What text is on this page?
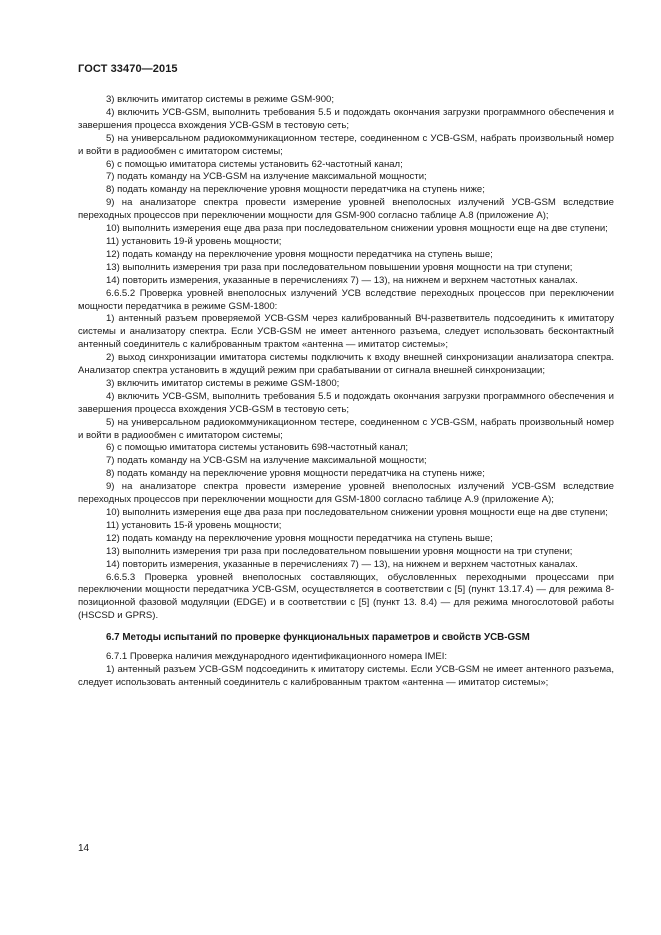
ГОСТ 33470—2015

3) включить имитатор системы в режиме GSM-900;

4) включить УСВ-GSM, выполнить требования 5.5 и подождать окончания загрузки программного обеспечения и завершения процесса вхождения УСВ-GSM в тестовую сеть;

5) на универсальном радиокоммуникационном тестере, соединенном с УСВ-GSM, набрать произвольный номер и войти в радиообмен с имитатором системы;

6) с помощью имитатора системы установить 62-частотный канал;

7) подать команду на УСВ-GSM на излучение максимальной мощности;

8) подать команду на переключение уровня мощности передатчика на ступень ниже;

9) на анализаторе спектра провести измерение уровней внеполосных излучений УСВ-GSM вследствие переходных процессов при переключении мощности для GSM-900 согласно таблице А.8 (приложение А);

10) выполнить измерения еще два раза при последовательном снижении уровня мощности еще на две ступени;

11) установить 19-й уровень мощности;

12) подать команду на переключение уровня мощности передатчика на ступень выше;

13) выполнить измерения три раза при последовательном повышении уровня мощности на три ступени;

14) повторить измерения, указанные в перечислениях 7) — 13), на нижнем и верхнем частотных каналах.

6.6.5.2 Проверка уровней внеполосных излучений УСВ вследствие переходных процессов при переключении мощности передатчика в режиме GSM-1800:

1) антенный разъем проверяемой УСВ-GSM через калиброванный ВЧ-разветвитель подсоединить к имитатору системы и анализатору спектра. Если УСВ-GSM не имеет антенного разъема, следует использовать бесконтактный антенный соединитель с калиброванным трактом «антенна — имитатор системы»;

2) выход синхронизации имитатора системы подключить к входу внешней синхронизации анализатора спектра. Анализатор спектра установить в ждущий режим при срабатывании от сигнала внешней синхронизации;

3) включить имитатор системы в режиме GSM-1800;

4) включить УСВ-GSM, выполнить требования 5.5 и подождать окончания загрузки программного обеспечения и завершения процесса вхождения УСВ-GSM в тестовую сеть;

5) на универсальном радиокоммуникационном тестере, соединенном с УСВ-GSM, набрать произвольный номер и войти в радиообмен с имитатором системы;

6) с помощью имитатора системы установить 698-частотный канал;

7) подать команду на УСВ-GSM на излучение максимальной мощности;

8) подать команду на переключение уровня мощности передатчика на ступень ниже;

9) на анализаторе спектра провести измерение уровней внеполосных излучений УСВ-GSM вследствие переходных процессов при переключении мощности для GSM-1800 согласно таблице А.9 (приложение А);

10) выполнить измерения еще два раза при последовательном снижении уровня мощности еще на две ступени;

11) установить 15-й уровень мощности;

12) подать команду на переключение уровня мощности передатчика на ступень выше;

13) выполнить измерения три раза при последовательном повышении уровня мощности на три ступени;

14) повторить измерения, указанные в перечислениях 7) — 13), на нижнем и верхнем частотных каналах.

6.6.5.3 Проверка уровней внеполосных составляющих, обусловленных переходными процессами при переключении мощности передатчика УСВ-GSM, осуществляется в соответствии с [5] (пункт 13.17.4) — для режима 8-позиционной фазовой модуляции (EDGE) и в соответствии с [5] (пункт 13. 8.4) — для режима многослотовой работы (HSCSD и GPRS).

6.7 Методы испытаний по проверке функциональных параметров и свойств УСВ-GSM

6.7.1 Проверка наличия международного идентификационного номера IMEI:

1) антенный разъем УСВ-GSM подсоединить к имитатору системы. Если УСВ-GSM не имеет антенного разъема, следует использовать антенный соединитель с калиброванным трактом «антенна — имитатор системы»;

14
